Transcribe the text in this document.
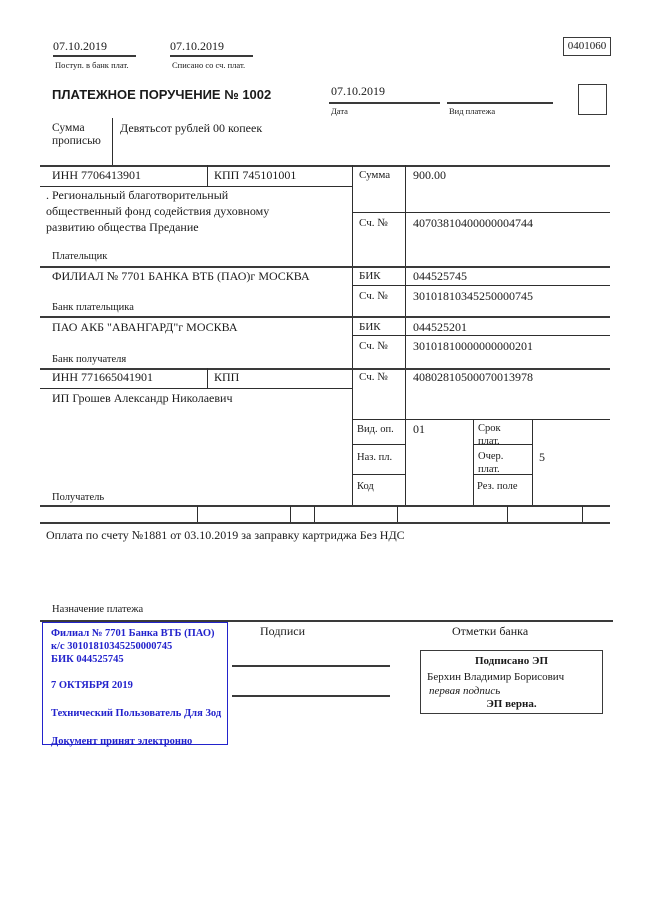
07.10.2019
Поступ. в банк плат.
07.10.2019
Списано со сч. плат.
0401060
ПЛАТЕЖНОЕ ПОРУЧЕНИЕ № 1002	07.10.2019
Дата	Вид платежа
Сумма прописью
Девятьсот рублей 00 копеек
ИНН 7706413901	КПП 745101001	Сумма 900.00
. Региональный благотворительный
общественный фонд содействия духовному
развитию общества Предание	Сч. № 40703810400000004744
Плательщик
ФИЛИАЛ № 7701 БАНКА ВТБ (ПАО)г МОСКВА	БИК	044525745
Сч. № 30101810345250000745
Банк плательщика
ПАО АКБ "АВАНГАРД"г МОСКВА	БИК	044525201
Сч. № 30101810000000000201
Банк получателя
ИНН 771665041901	КПП	Сч. № 40802810500070013978
ИП Грошев Александр Николаевич
Получатель
Вид. оп. 01	Срок плат.
Наз. пл.	Очер. плат.
5
Код	Рез. поле
Оплата по счету №1881 от 03.10.2019 за заправку картриджа Без НДС
Назначение платежа
Филиал № 7701 Банка ВТБ (ПАО)
к/с 30101810345250000745
БИК 044525745
7 ОКТЯБРЯ 2019
Технический Пользователь Для Зод
Документ принят электронно
Подписи	Отметки банка
Подписано ЭП
Берхин Владимир Борисович
первая подпись
ЭП верна.
